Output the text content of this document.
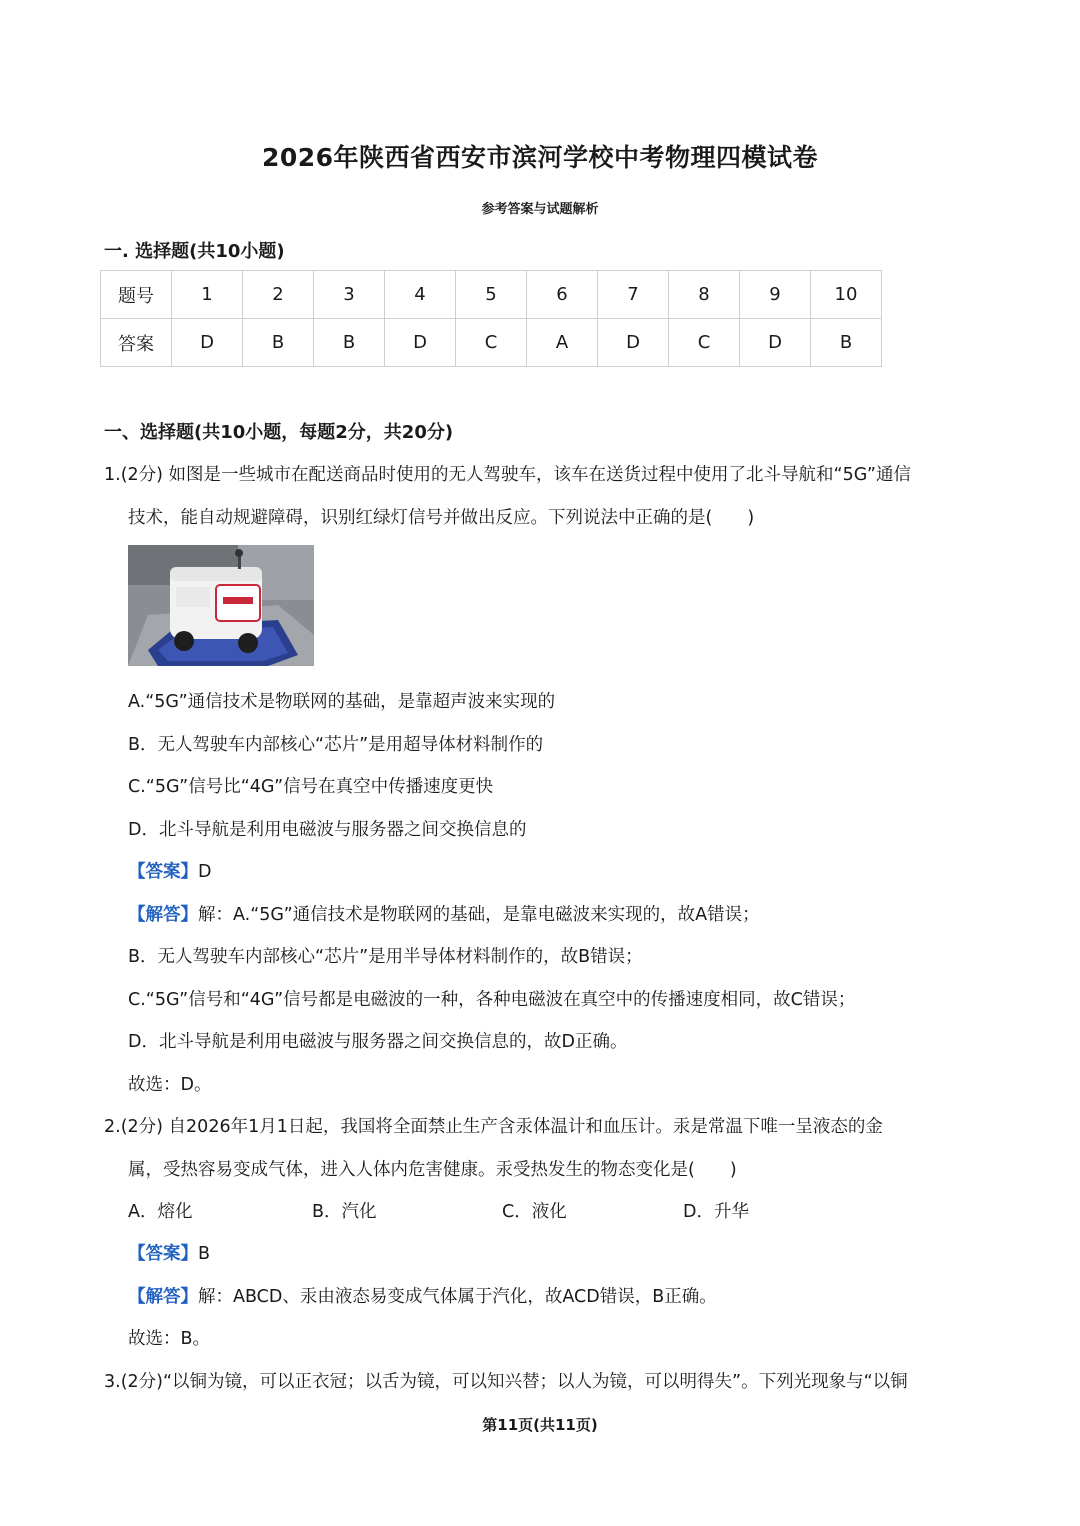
2026年陕西省西安市滨河学校中考物理四模试卷
参考答案与试题解析
一. 选择题(共10小题)
题号	1	2	3	4	5	6	7	8	9	10
答案	D	B	B	D	C	A	D	C	D	B
一、选择题(共10小题，每题2分，共20分)
1.(2分) 如图是一些城市在配送商品时使用的无人驾驶车，该车在送货过程中使用了北斗导航和“5G”通信
技术，能自动规避障碍，识别红绿灯信号并做出反应。下列说法中正确的是(　　)
A.“5G”通信技术是物联网的基础，是靠超声波来实现的
B．无人驾驶车内部核心“芯片”是用超导体材料制作的
C.“5G”信号比“4G”信号在真空中传播速度更快
D．北斗导航是利用电磁波与服务器之间交换信息的
【答案】D
【解答】解：A.“5G”通信技术是物联网的基础，是靠电磁波来实现的，故A错误；
B．无人驾驶车内部核心“芯片”是用半导体材料制作的，故B错误；
C.“5G”信号和“4G”信号都是电磁波的一种，各种电磁波在真空中的传播速度相同，故C错误；
D．北斗导航是利用电磁波与服务器之间交换信息的，故D正确。
故选：D。
2.(2分) 自2026年1月1日起，我国将全面禁止生产含汞体温计和血压计。汞是常温下唯一呈液态的金
属，受热容易变成气体，进入人体内危害健康。汞受热发生的物态变化是(　　)
A．熔化	B．汽化	C．液化	D．升华
【答案】B
【解答】解：ABCD、汞由液态易变成气体属于汽化，故ACD错误，B正确。
故选：B。
3.(2分)“以铜为镜，可以正衣冠；以舌为镜，可以知兴替；以人为镜，可以明得失”。下列光现象与“以铜
第11页(共11页)
